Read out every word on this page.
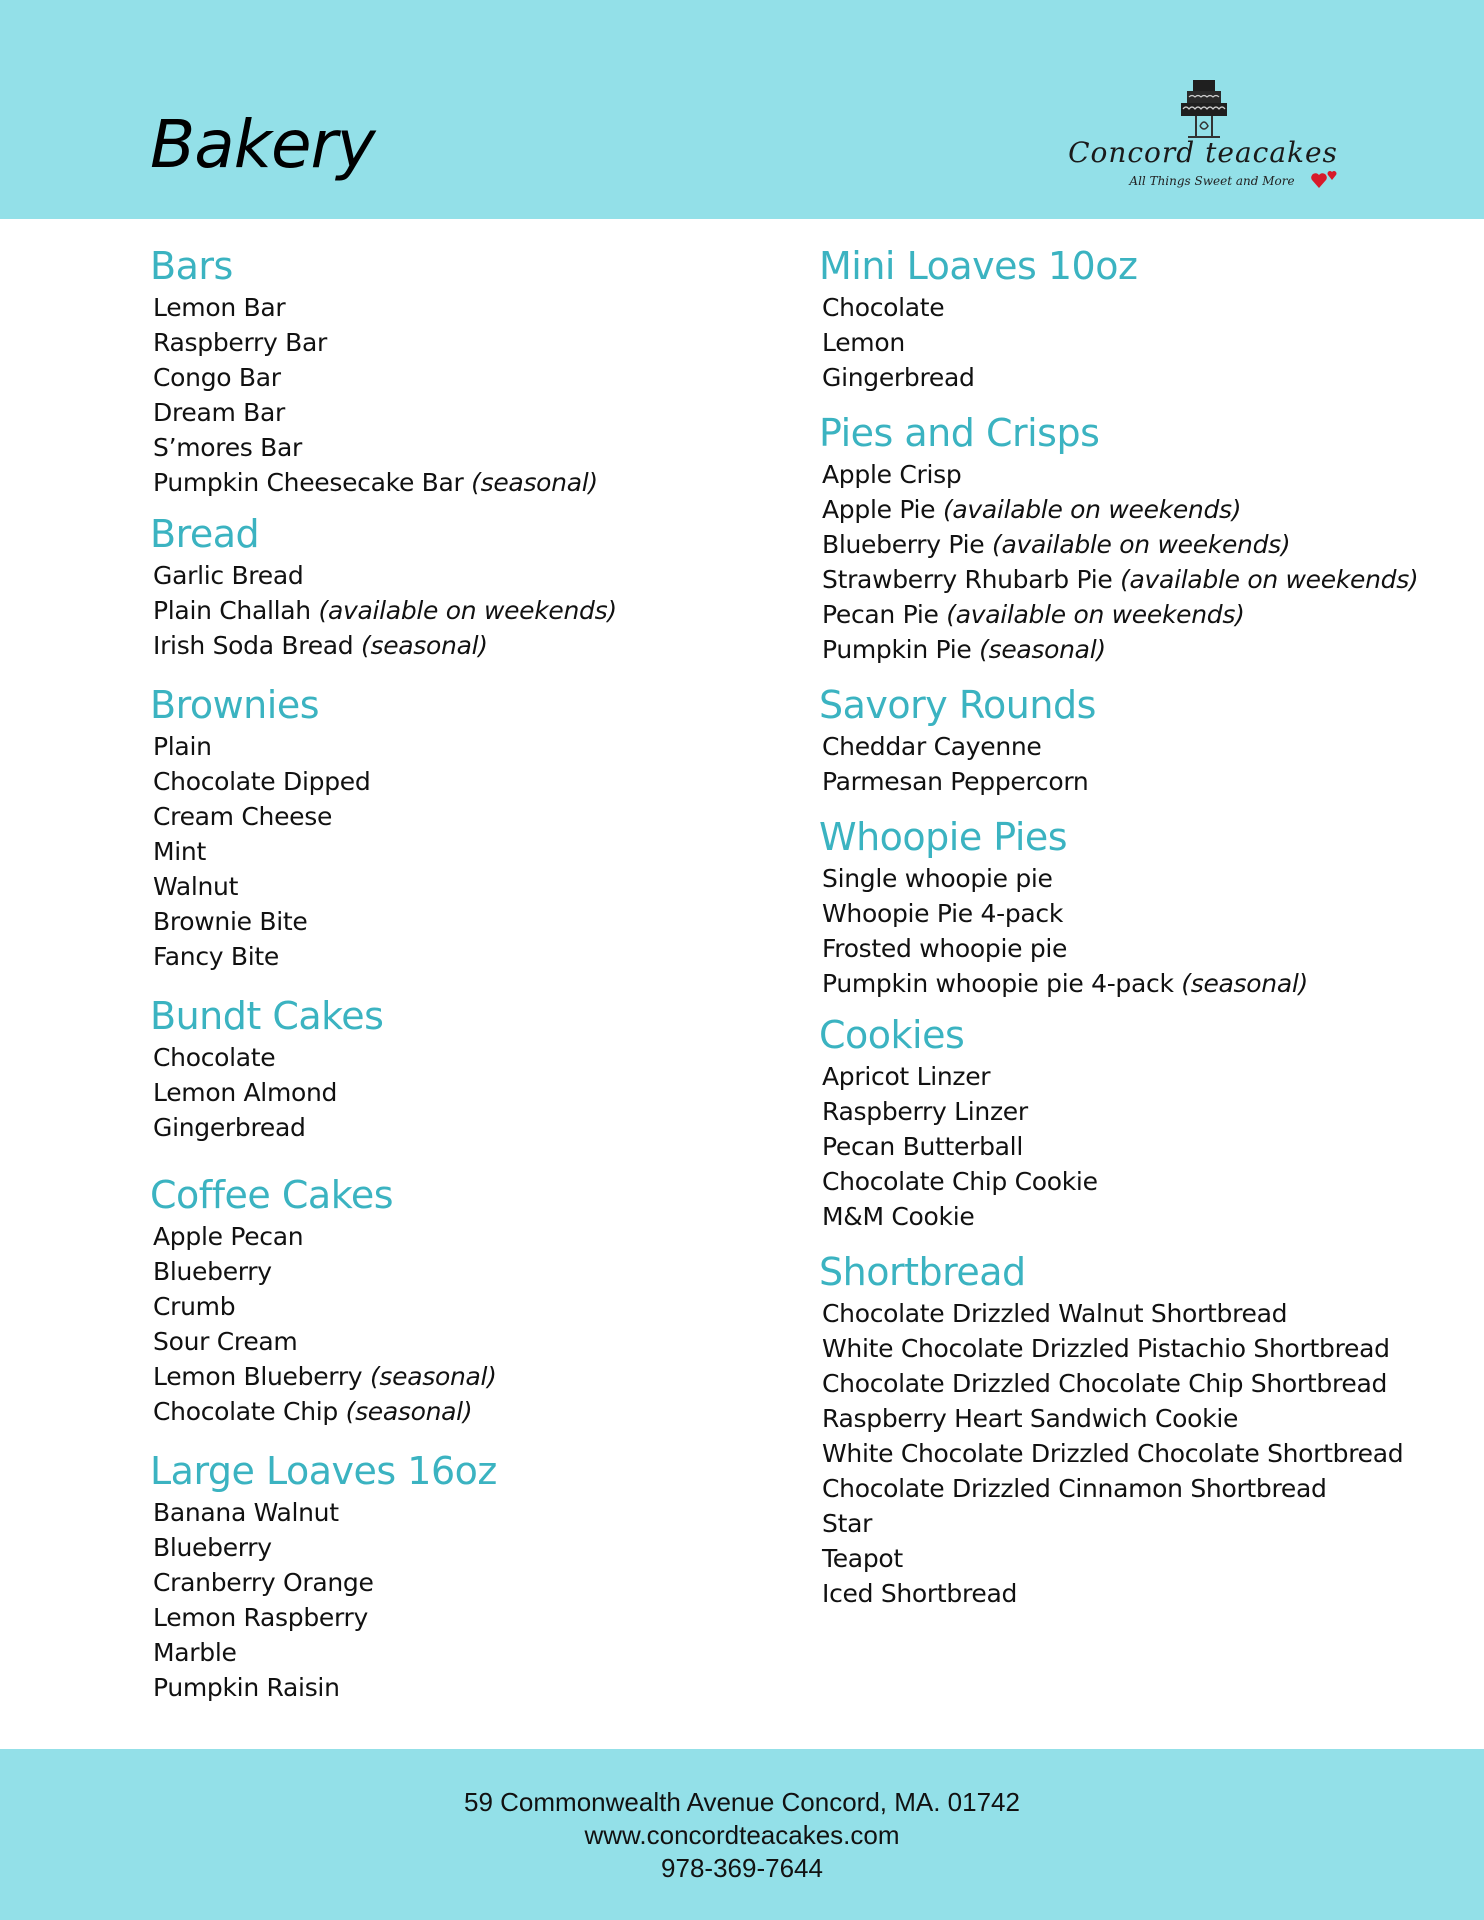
Bakery	Concord teacakes
All Things Sweet and More
Bars
Lemon Bar
Raspberry Bar
Congo Bar
Dream Bar
S’mores Bar
Pumpkin Cheesecake Bar (seasonal)
Bread
Garlic Bread
Plain Challah (available on weekends)
Irish Soda Bread (seasonal)
Brownies
Plain
Chocolate Dipped
Cream Cheese
Mint
Walnut
Brownie Bite
Fancy Bite
Bundt Cakes
Chocolate
Lemon Almond
Gingerbread
Coffee Cakes
Apple Pecan
Blueberry
Crumb
Sour Cream
Lemon Blueberry (seasonal)
Chocolate Chip (seasonal)
Large Loaves 16oz
Banana Walnut
Blueberry
Cranberry Orange
Lemon Raspberry
Marble
Pumpkin Raisin
Mini Loaves 10oz
Chocolate
Lemon
Gingerbread
Pies and Crisps
Apple Crisp
Apple Pie (available on weekends)
Blueberry Pie (available on weekends)
Strawberry Rhubarb Pie (available on weekends)
Pecan Pie (available on weekends)
Pumpkin Pie (seasonal)
Savory Rounds
Cheddar Cayenne
Parmesan Peppercorn
Whoopie Pies
Single whoopie pie
Whoopie Pie 4-pack
Frosted whoopie pie
Pumpkin whoopie pie 4-pack (seasonal)
Cookies
Apricot Linzer
Raspberry Linzer
Pecan Butterball
Chocolate Chip Cookie
M&M Cookie
Shortbread
Chocolate Drizzled Walnut Shortbread
White Chocolate Drizzled Pistachio Shortbread
Chocolate Drizzled Chocolate Chip Shortbread
Raspberry Heart Sandwich Cookie
White Chocolate Drizzled Chocolate Shortbread
Chocolate Drizzled Cinnamon Shortbread
Star
Teapot
Iced Shortbread
59 Commonwealth Avenue Concord, MA. 01742
www.concordteacakes.com
978-369-7644
